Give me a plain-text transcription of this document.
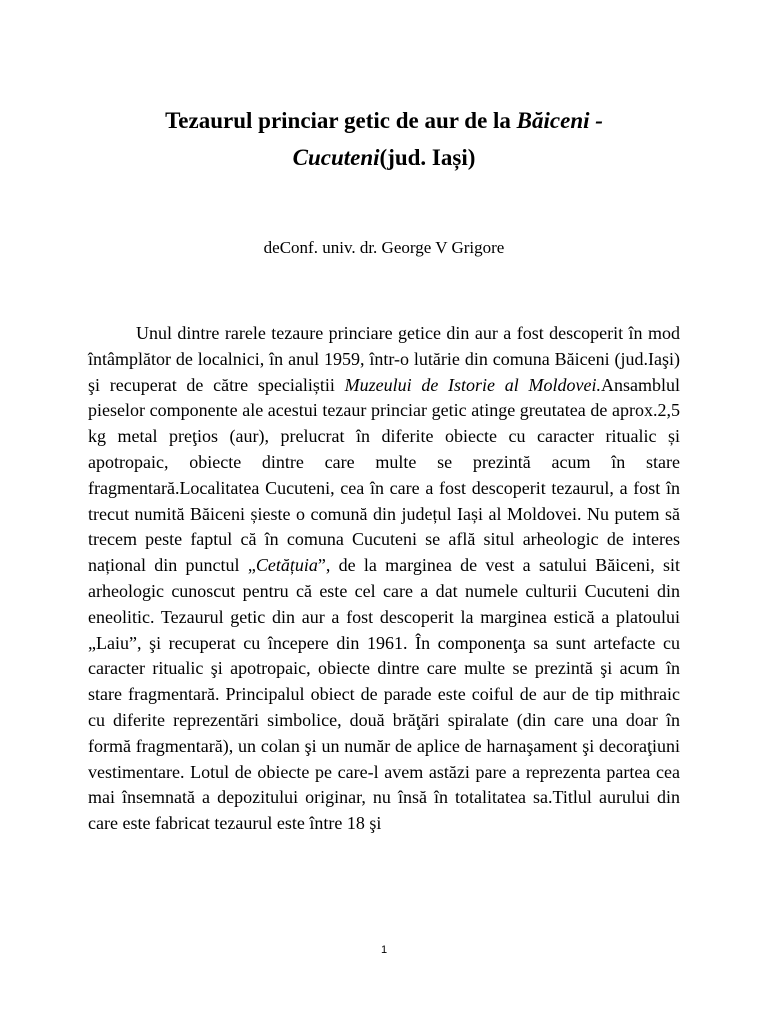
Tezaurul princiar getic de aur de la Băiceni -
Cucuteni(jud. Iași)

deConf. univ. dr. George V Grigore

Unul dintre rarele tezaure princiare getice din aur a fost descoperit în mod întâmplător de localnici, în anul 1959, într-o lutărie din comuna Băiceni (jud.Iaşi) şi recuperat de către specialiștii Muzeului de Istorie al Moldovei.Ansamblul pieselor componente ale acestui tezaur princiar getic atinge greutatea de aprox.2,5 kg metal preţios (aur), prelucrat în diferite obiecte cu caracter ritualic și apotropaic, obiecte dintre care multe se prezintă acum în stare fragmentară.Localitatea Cucuteni, cea în care a fost descoperit tezaurul, a fost în trecut numită Băiceni șieste o comună din județul Iași al Moldovei. Nu putem să trecem peste faptul că în comuna Cucuteni se află situl arheologic de interes național din punctul „Cetățuia”, de la marginea de vest a satului Băiceni, sit arheologic cunoscut pentru că este cel care a dat numele culturii Cucuteni din eneolitic. Tezaurul getic din aur a fost descoperit la marginea estică a platoului „Laiu”, şi recuperat cu începere din 1961. În componenţa sa sunt artefacte cu caracter ritualic şi apotropaic, obiecte dintre care multe se prezintă şi acum în stare fragmentară. Principalul obiect de parade este coiful de aur de tip mithraic cu diferite reprezentări simbolice, două brăţări spiralate (din care una doar în formă fragmentară), un colan şi un număr de aplice de harnaşament şi decoraţiuni vestimentare. Lotul de obiecte pe care-l avem astăzi pare a reprezenta partea cea mai însemnată a depozitului originar, nu însă în totalitatea sa.Titlul aurului din care este fabricat tezaurul este între 18 şi

1
